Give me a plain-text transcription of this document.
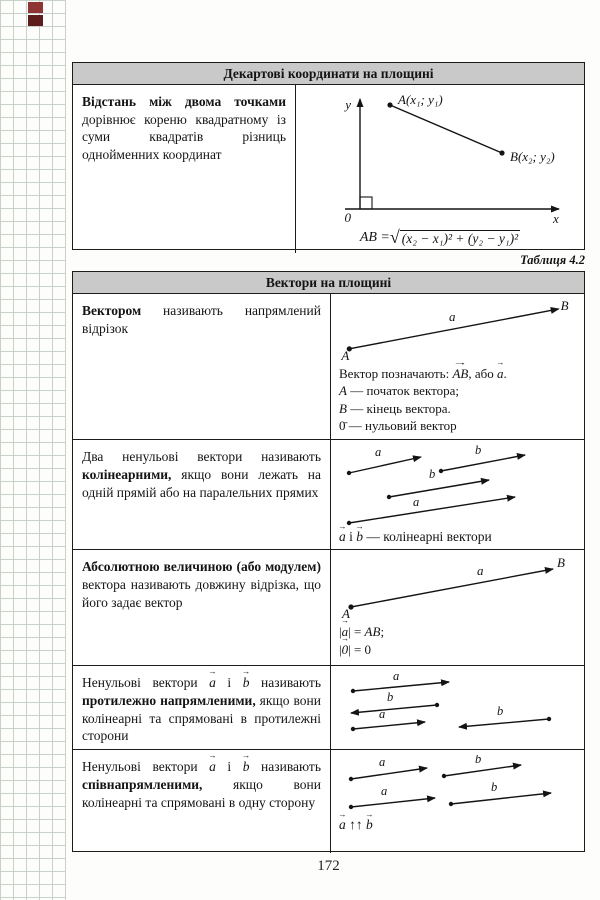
Декартові координати на площині
Відстань між двома точками дорівнює кореню квадратному із суми квадратів різниць однойменних координат
y
x
0
A(x₁; y₁)
B(x₂; y₂)
AB = √ (x₂ − x₁)² + (y₂ − y₁)²
Таблиця 4.2
Вектори на площині
Вектором називають напрямлений відрізок
a⃗
A
B
Вектор позначають: AB →, або a →.
A — початок вектора;
B — кінець вектора.
0̄ — нульовий вектор
Два ненульові вектори називають колінеарними, якщо вони лежать на одній прямій або на паралельних прямих
a⃗	b⃗
b⃗
a⃗
a → і b → — колінеарні вектори
Абсолютною величиною (або модулем) вектора називають довжину відрізка, що його задає вектор
a⃗
A
B
|a →| = AB;
|0 →| = 0
Ненульові вектори a → і b → називають протилежно напрямленими, якщо вони колінеарні та спрямовані в протилежні сторони
a⃗
b⃗
a⃗	b⃗
Ненульові вектори a → і b → називають співнапрямленими, якщо вони колінеарні та спрямовані в одну сторону
a⃗	b⃗
a⃗	b⃗
a → ↑↑ b →
172
